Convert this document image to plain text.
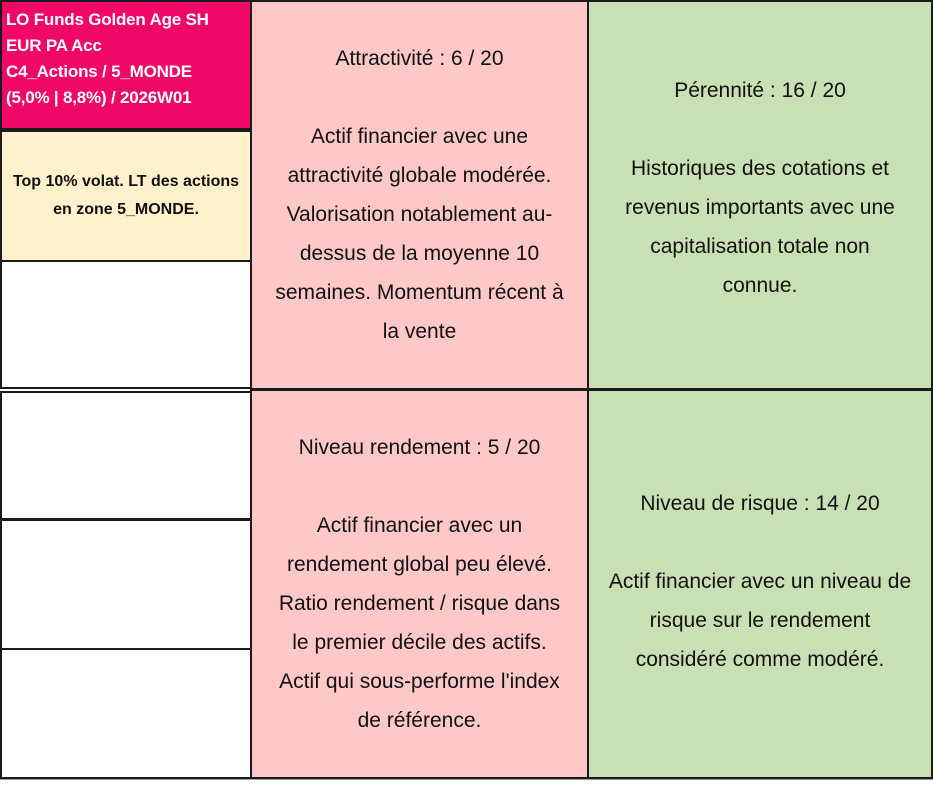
LO Funds Golden Age SH
EUR PA Acc
C4_Actions / 5_MONDE
(5,0% | 8,8%) / 2026W01
Top 10% volat. LT des actions en zone 5_MONDE.
Attractivité : 6 / 20
Actif financier avec une
attractivité globale modérée.
Valorisation notablement au-
dessus de la moyenne 10
semaines. Momentum récent à
la vente
Pérennité : 16 / 20
Historiques des cotations et
revenus importants avec une
capitalisation totale non
connue.
Niveau rendement : 5 / 20
Actif financier avec un
rendement global peu élevé.
Ratio rendement / risque dans
le premier décile des actifs.
Actif qui sous-performe l'index
de référence.
Niveau de risque : 14 / 20
Actif financier avec un niveau de
risque sur le rendement
considéré comme modéré.
